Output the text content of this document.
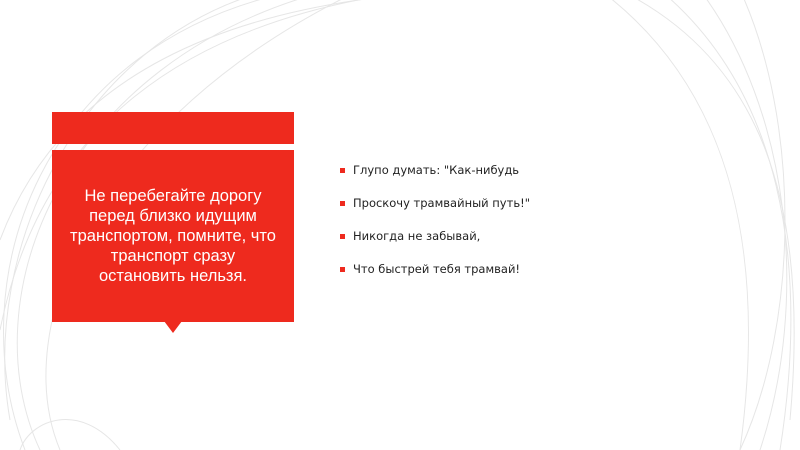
Не перебегайте дорогу перед близко идущим транспортом, помните, что транспорт сразу остановить нельзя.

Глупо думать: "Как-нибудь
Проскочу трамвайный путь!"
Никогда не забывай,
Что быстрей тебя трамвай!
